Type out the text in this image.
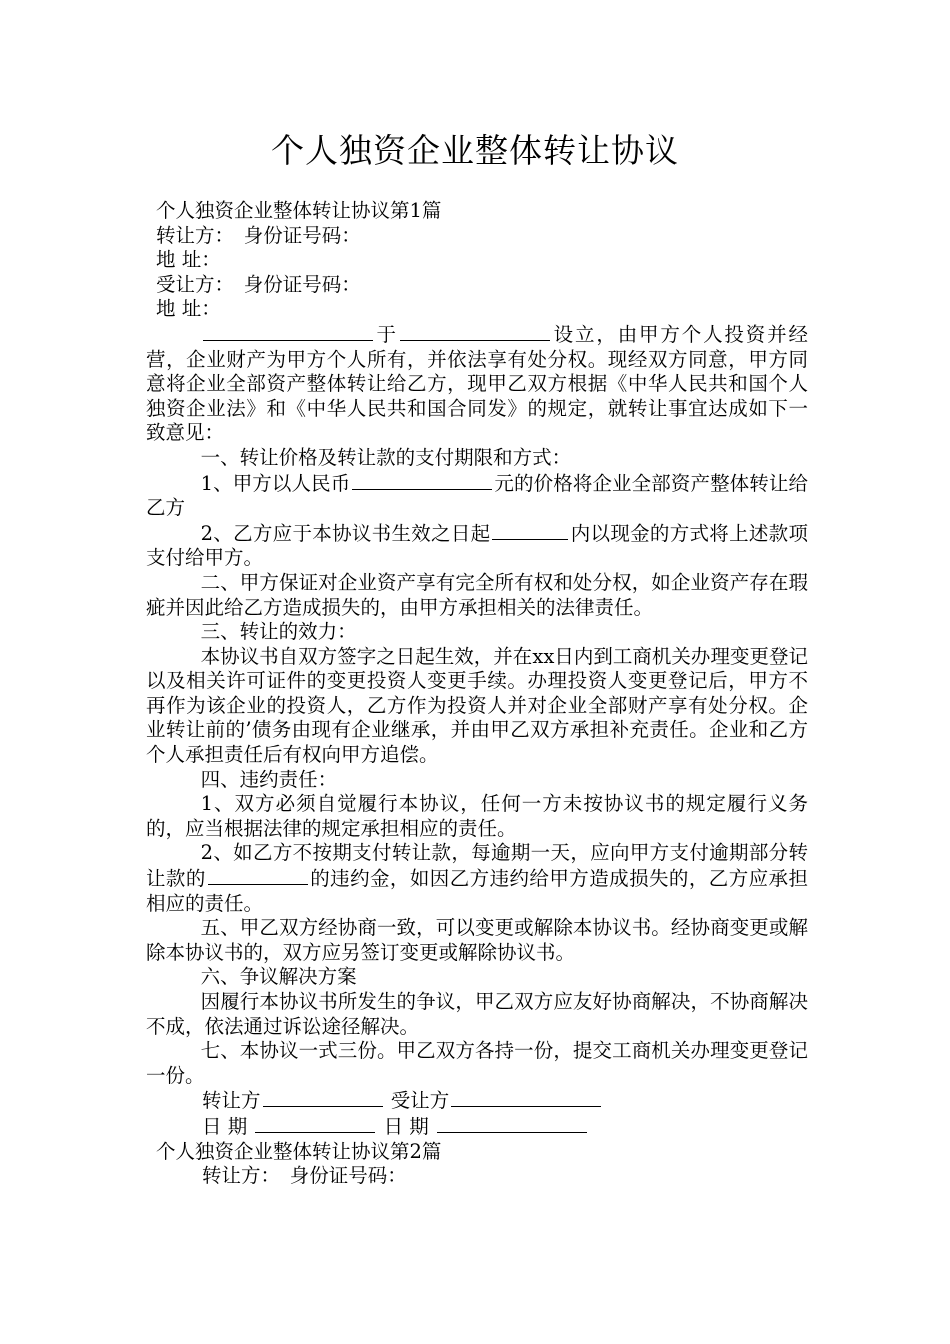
个人独资企业整体转让协议

个人独资企业整体转让协议第1篇

转让方：　身份证号码：

地 址：

受让方：　身份证号码：

地 址：

于	设立，由甲方个人投资并经营，企业财产为甲方个人所有，并依法享有处分权。现经双方同意，甲方同意将企业全部资产整体转让给乙方，现甲乙双方根据《中华人民共和国个人独资企业法》和《中华人民共和国合同发》的规定，就转让事宜达成如下一致意见：

一、转让价格及转让款的支付期限和方式：

1、甲方以人民币	元的价格将企业全部资产整体转让给乙方

2、乙方应于本协议书生效之日起	内以现金的方式将上述款项支付给甲方。

二、甲方保证对企业资产享有完全所有权和处分权，如企业资产存在瑕疵并因此给乙方造成损失的，由甲方承担相关的法律责任。

三、转让的效力：

本协议书自双方签字之日起生效，并在xx日内到工商机关办理变更登记以及相关许可证件的变更投资人变更手续。办理投资人变更登记后，甲方不再作为该企业的投资人，乙方作为投资人并对企业全部财产享有处分权。企业转让前的’债务由现有企业继承，并由甲乙双方承担补充责任。企业和乙方个人承担责任后有权向甲方追偿。

四、违约责任：

1、双方必须自觉履行本协议，任何一方未按协议书的规定履行义务的，应当根据法律的规定承担相应的责任。

2、如乙方不按期支付转让款，每逾期一天，应向甲方支付逾期部分转让款的	的违约金，如因乙方违约给甲方造成损失的，乙方应承担相应的责任。

五、甲乙双方经协商一致，可以变更或解除本协议书。经协商变更或解除本协议书的，双方应另签订变更或解除协议书。

六、争议解决方案

因履行本协议书所发生的争议，甲乙双方应友好协商解决，不协商解决不成，依法通过诉讼途径解决。

七、本协议一式三份。甲乙双方各持一份，提交工商机关办理变更登记一份。

转让方	受让方

日 期	日 期

个人独资企业整体转让协议第2篇

转让方：　身份证号码：
